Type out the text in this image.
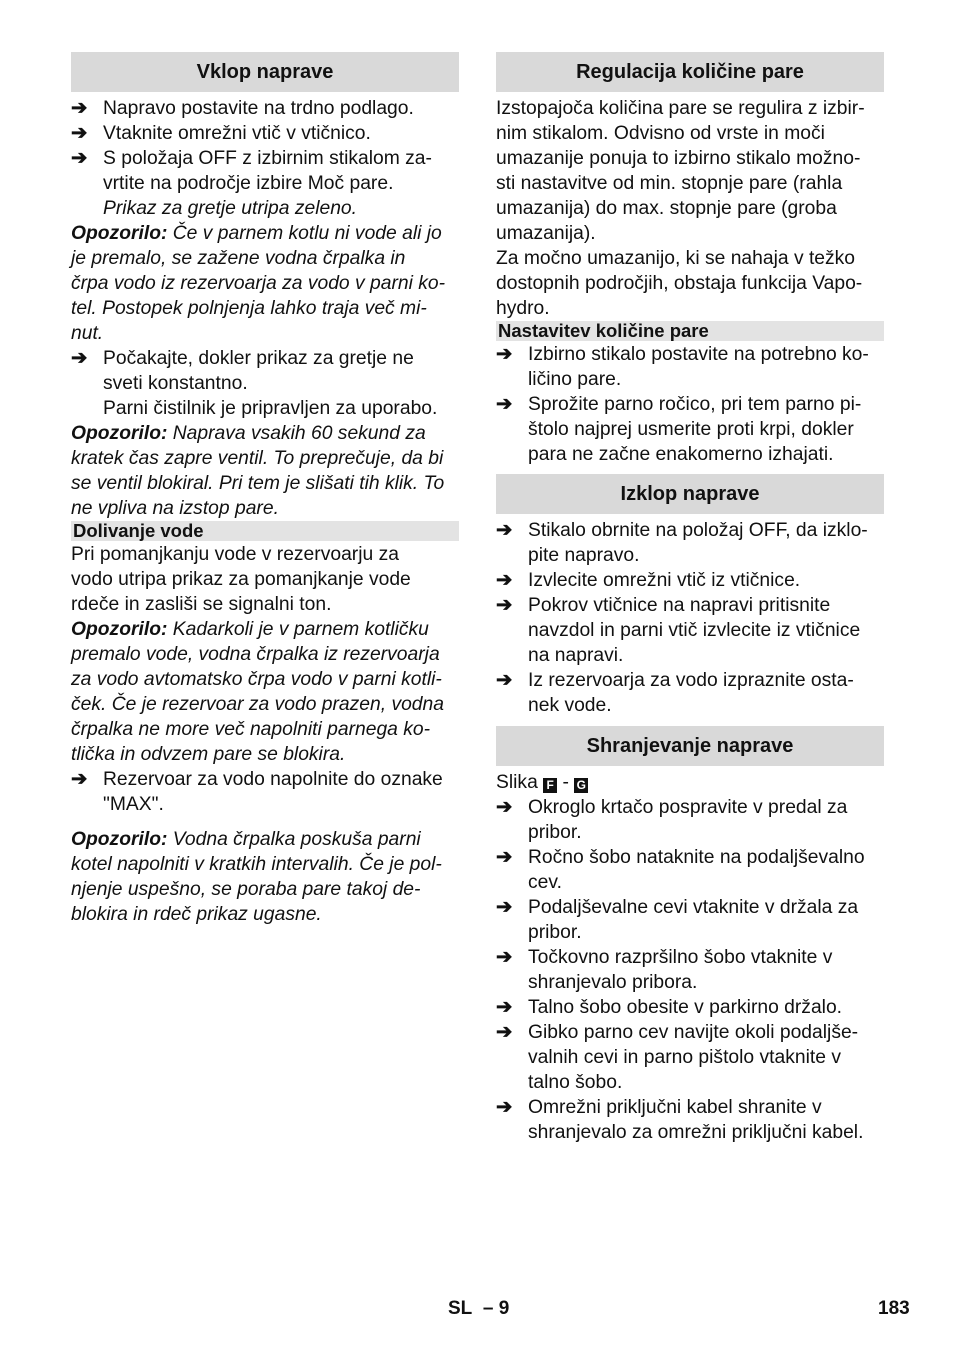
Vklop naprave
➔ Napravo postavite na trdno podlago.
➔ Vtaknite omrežni vtič v vtičnico.
➔ S položaja OFF z izbirnim stikalom za-
vrtite na področje izbire Moč pare.
Prikaz za gretje utripa zeleno.
Opozorilo: Če v parnem kotlu ni vode ali jo
je premalo, se zažene vodna črpalka in
črpa vodo iz rezervoarja za vodo v parni ko-
tel. Postopek polnjenja lahko traja več mi-
nut.
➔ Počakajte, dokler prikaz za gretje ne
sveti konstantno.
Parni čistilnik je pripravljen za uporabo.
Opozorilo: Naprava vsakih 60 sekund za
kratek čas zapre ventil. To preprečuje, da bi
se ventil blokiral. Pri tem je slišati tih klik. To
ne vpliva na izstop pare.
Dolivanje vode
Pri pomanjkanju vode v rezervoarju za
vodo utripa prikaz za pomanjkanje vode
rdeče in zasliši se signalni ton.
Opozorilo: Kadarkoli je v parnem kotličku
premalo vode, vodna črpalka iz rezervoarja
za vodo avtomatsko črpa vodo v parni kotli-
ček. Če je rezervoar za vodo prazen, vodna
črpalka ne more več napolniti parnega ko-
tlička in odvzem pare se blokira.
➔ Rezervoar za vodo napolnite do oznake
"MAX".
Opozorilo: Vodna črpalka poskuša parni
kotel napolniti v kratkih intervalih. Če je pol-
njenje uspešno, se poraba pare takoj de-
blokira in rdeč prikaz ugasne.
Regulacija količine pare
Izstopajoča količina pare se regulira z izbir-
nim stikalom. Odvisno od vrste in moči
umazanije ponuja to izbirno stikalo možno-
sti nastavitve od min. stopnje pare (rahla
umazanija) do max. stopnje pare (groba
umazanija).
Za močno umazanijo, ki se nahaja v težko
dostopnih področjih, obstaja funkcija Vapo-
hydro.
Nastavitev količine pare
➔ Izbirno stikalo postavite na potrebno ko-
ličino pare.
➔ Sprožite parno ročico, pri tem parno pi-
štolo najprej usmerite proti krpi, dokler
para ne začne enakomerno izhajati.
Izklop naprave
➔ Stikalo obrnite na položaj OFF, da izklo-
pite napravo.
➔ Izvlecite omrežni vtič iz vtičnice.
➔ Pokrov vtičnice na napravi pritisnite
navzdol in parni vtič izvlecite iz vtičnice
na napravi.
➔ Iz rezervoarja za vodo izpraznite osta-
nek vode.
Shranjevanje naprave
Slika F - G
➔ Okroglo krtačo pospravite v predal za
pribor.
➔ Ročno šobo nataknite na podaljševalno
cev.
➔ Podaljševalne cevi vtaknite v držala za
pribor.
➔ Točkovno razpršilno šobo vtaknite v
shranjevalo pribora.
➔ Talno šobo obesite v parkirno držalo.
➔ Gibko parno cev navijte okoli podaljše-
valnih cevi in parno pištolo vtaknite v
talno šobo.
➔ Omrežni priključni kabel shranite v
shranjevalo za omrežni priključni kabel.
SL – 9	183
